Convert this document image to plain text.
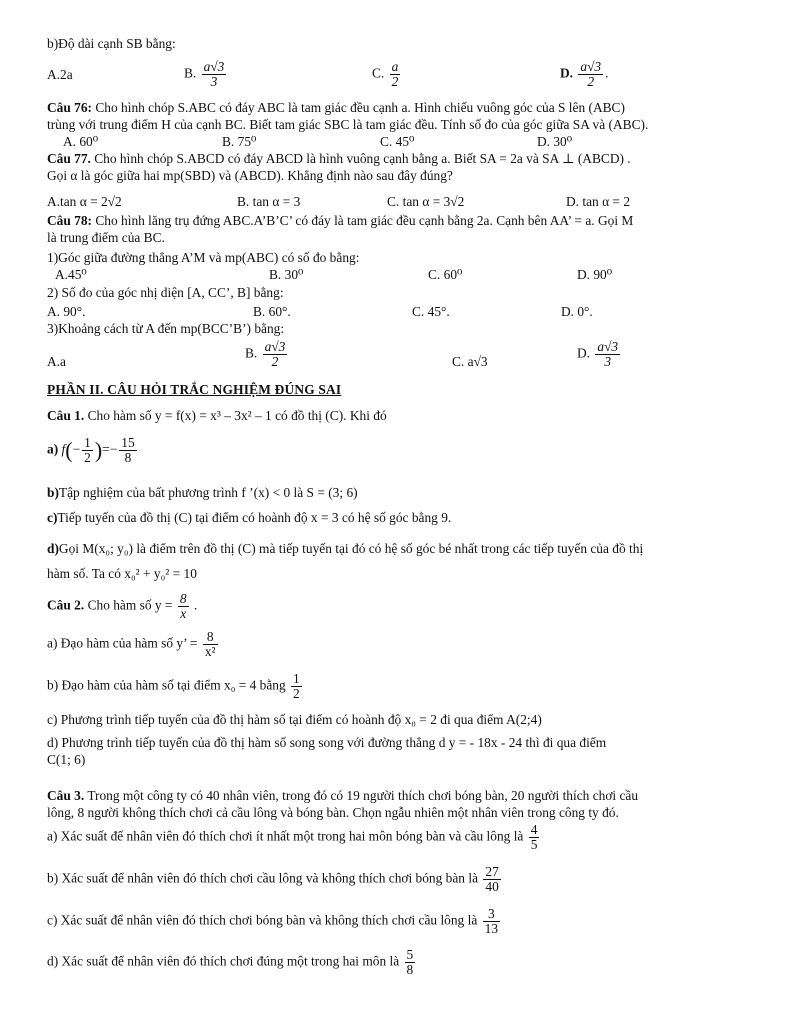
b)Độ dài cạnh SB bằng:
A.2a	B. $\frac{a√3}{3}$	C. $\frac{a}{2}$	D. $\frac{a√3}{2}$ .
Câu 76: Cho hình chóp S.ABC có đáy ABC là tam giác đều cạnh a. Hình chiếu vuông góc của S lên (ABC)
trùng với trung điểm H của cạnh BC. Biết tam giác SBC là tam giác đều. Tính số đo của góc giữa SA và (ABC).
A. 60⁰	B. 75⁰	C. 45⁰	D. 30⁰
Câu 77. Cho hình chóp S.ABCD có đáy ABCD là hình vuông cạnh bằng a. Biết SA = 2a và SA ⊥ (ABCD) .
Gọi α là góc giữa hai mp(SBD) và (ABCD). Khẳng định nào sau đây đúng?
A.tan α = 2√2	B. tan α = 3	C. tan α = 3√2	D. tan α = 2
Câu 78: Cho hình lăng trụ đứng ABC.A’B’C’ có đáy là tam giác đều cạnh bằng 2a. Cạnh bên AA’ = a. Gọi M
là trung điểm của BC.
1)Góc giữa đường thẳng A’M và mp(ABC) có số đo bằng:
A.45⁰	B. 30⁰	C. 60⁰	D. 90⁰
2) Số đo của góc nhị diện [A, CC’, B] bằng:
A. 90°.	B. 60°.	C. 45°.	D. 0°.
3)Khoảng cách từ A đến mp(BCC’B’) bằng:
A.a
B. $\frac{a√3}{2}$	C. a√3
D. $\frac{a√3}{3}$
PHẦN II. CÂU HỎI TRẮC NGHIỆM ĐÚNG SAI
Câu 1. Cho hàm số y = f(x) = x³ – 3x² – 1 có đồ thị (C). Khi đó
a) $f(- \frac{1}{2}$ )=− $\frac{15}{8}$
b)Tập nghiệm của bất phương trình f ’(x) < 0 là S = (3; 6)
c)Tiếp tuyến của đồ thị (C) tại điểm có hoành độ x = 3 có hệ số góc bằng 9.
d)Gọi M(x₀; y₀) là điểm trên đồ thị (C) mà tiếp tuyến tại đó có hệ số góc bé nhất trong các tiếp tuyến của đồ thị
hàm số. Ta có x₀² + y₀² = 10
Câu 2. Cho hàm số $y = \frac{8}{x}$ .
a) Đạo hàm của hàm số y’ = $\frac{8}{\text{x²}}$
b) Đạo hàm của hàm số tại điểm x₀ = 4 bằng $\frac{1}{2}$
c) Phương trình tiếp tuyến của đồ thị hàm số tại điểm có hoành độ x₀ = 2 đi qua điểm A(2;4)
d) Phương trình tiếp tuyến của đồ thị hàm số song song với đường thẳng d y = - 18x - 24 thì đi qua điểm
C(1; 6)
Câu 3. Trong một công ty có 40 nhân viên, trong đó có 19 người thích chơi bóng bàn, 20 người thích chơi cầu
lông, 8 người không thích chơi cả cầu lông và bóng bàn. Chọn ngẫu nhiên một nhân viên trong công ty đó.
a) Xác suất để nhân viên đó thích chơi ít nhất một trong hai môn bóng bàn và cầu lông là $\frac{4}{5}$
b) Xác suất để nhân viên đó thích chơi cầu lông và không thích chơi bóng bàn là $\frac{27}{40}$
c) Xác suất để nhân viên đó thích chơi bóng bàn và không thích chơi cầu lông là $\frac{3}{13}$
d) Xác suất để nhân viên đó thích chơi đúng một trong hai môn là $\frac{5}{8}$
